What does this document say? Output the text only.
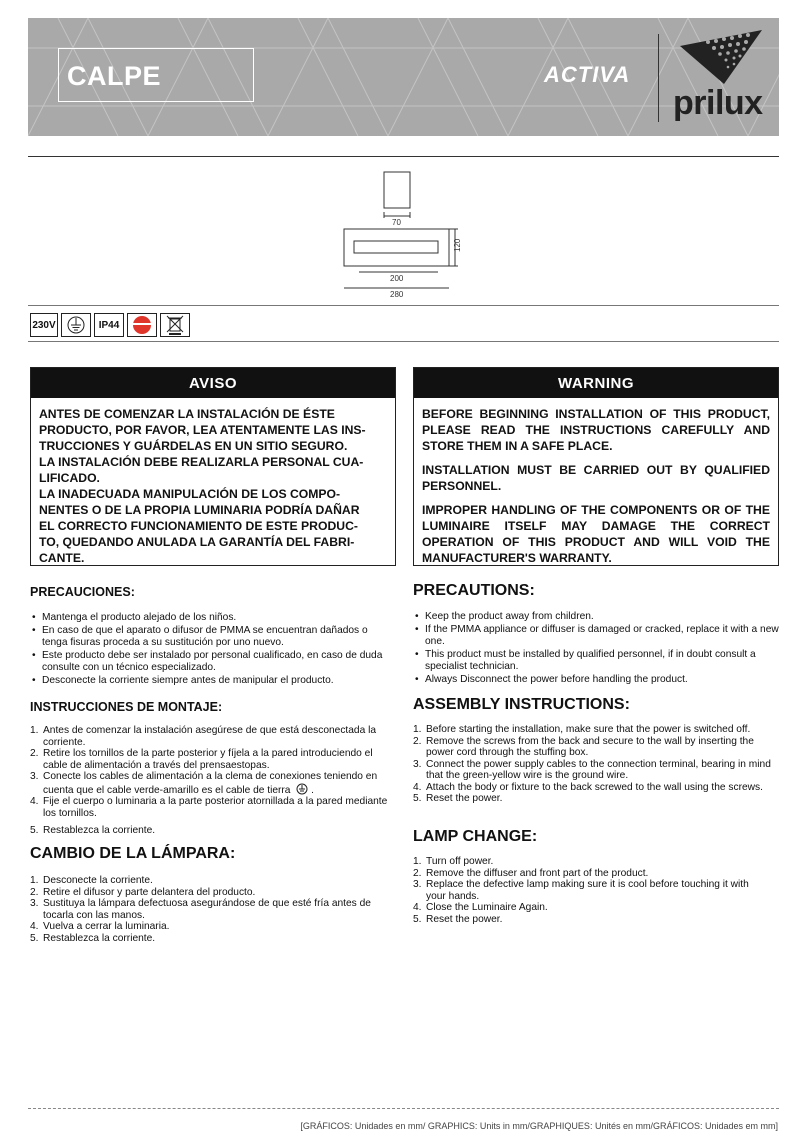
CALPE	ACTIVA
prilux
70
120
200
280
230V	IP44
AVISO

ANTES DE COMENZAR LA INSTALACIÓN DE ÉSTE

PRODUCTO, POR FAVOR, LEA ATENTAMENTE LAS INS-

TRUCCIONES Y GUÁRDELAS EN UN SITIO SEGURO.

LA INSTALACIÓN DEBE REALIZARLA PERSONAL CUA-

LIFICADO.

LA INADECUADA MANIPULACIÓN DE LOS COMPO-

NENTES O DE LA PROPIA LUMINARIA PODRÍA DAÑAR

EL CORRECTO FUNCIONAMIENTO DE ESTE PRODUC-

TO, QUEDANDO ANULADA LA GARANTÍA DEL FABRI-

CANTE.

WARNING

BEFORE BEGINNING INSTALLATION OF THIS PRODUCT, PLEASE READ THE INSTRUCTIONS CAREFULLY AND STORE THEM IN A SAFE PLACE.

INSTALLATION MUST BE CARRIED OUT BY QUALIFIED PERSONNEL.

IMPROPER HANDLING OF THE COMPONENTS OR OF THE LUMINAIRE ITSELF MAY DAMAGE THE CORRECT OPERATION OF THIS PRODUCT AND WILL VOID THE MANUFACTURER'S WARRANTY.

PRECAUCIONES:
• Mantenga el producto alejado de los niños.
• En caso de que el aparato o difusor de PMMA se encuentran dañados o tenga fisuras proceda a su sustitución por uno nuevo.
• Este producto debe ser instalado por personal cualificado, en caso de duda consulte con un técnico especializado.
• Desconecte la corriente siempre antes de manipular el producto.
PRECAUTIONS:
• Keep the product away from children.
• If the PMMA appliance or diffuser is damaged or cracked, replace it with a new one.
• This product must be installed by qualified personnel, if in doubt consult a specialist technician.
• Always Disconnect the power before handling the product.
INSTRUCCIONES DE MONTAJE:
1. Antes de comenzar la instalación asegúrese de que está desconectada la corriente.
2. Retire los tornillos de la parte posterior y fíjela a la pared introduciendo el cable de alimentación a través del prensaestopas.
3. Conecte los cables de alimentación a la clema de conexiones teniendo en cuenta que el cable verde-amarillo es el cable de tierra  .
4. Fije el cuerpo o luminaria a la parte posterior atornillada a la pared mediante los tornillos.
5. Restablezca la corriente.
ASSEMBLY INSTRUCTIONS:
1. Before starting the installation, make sure that the power is switched off.
2. Remove the screws from the back and secure to the wall by inserting the power cord through the stuffing box.
3. Connect the power supply cables to the connection terminal, bearing in mind that the green-yellow wire is the ground wire.
4. Attach the body or fixture to the back screwed to the wall using the screws.
5. Reset the power.
CAMBIO DE LA LÁMPARA:
1. Desconecte la corriente.
2. Retire el difusor y parte delantera del producto.
3. Sustituya la lámpara defectuosa asegurándose de que esté fría antes de tocarla con las manos.
4. Vuelva a cerrar la luminaria.
5. Restablezca la corriente.
LAMP CHANGE:
1. Turn off power.
2. Remove the diffuser and front part of the product.
3. Replace the defective lamp making sure it is cool before touching it with your hands.
4. Close the Luminaire Again.
5. Reset the power.
[GRÁFICOS: Unidades en mm/ GRAPHICS: Units in mm/GRAPHIQUES: Unités en mm/GRÁFICOS: Unidades em mm]
